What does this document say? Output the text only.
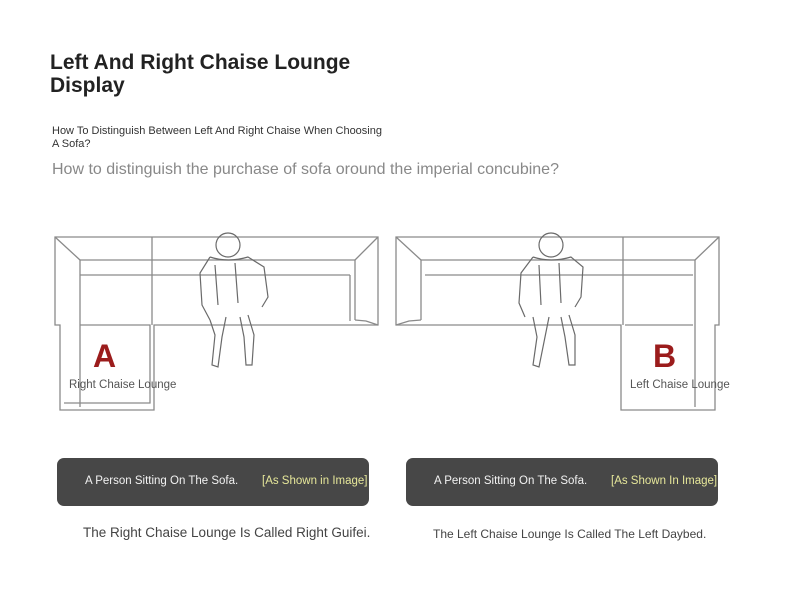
Left And Right Chaise Lounge Display
How To Distinguish Between Left And Right Chaise When Choosing A Sofa?
How to distinguish the purchase of sofa oround the imperial concubine?
A
Right Chaise Lounge
B
Left Chaise Lounge
A Person Sitting On The Sofa. [As Shown in Image]	A Person Sitting On The Sofa. [As Shown In Image]
The Right Chaise Lounge Is Called Right Guifei.	The Left Chaise Lounge Is Called The Left Daybed.
